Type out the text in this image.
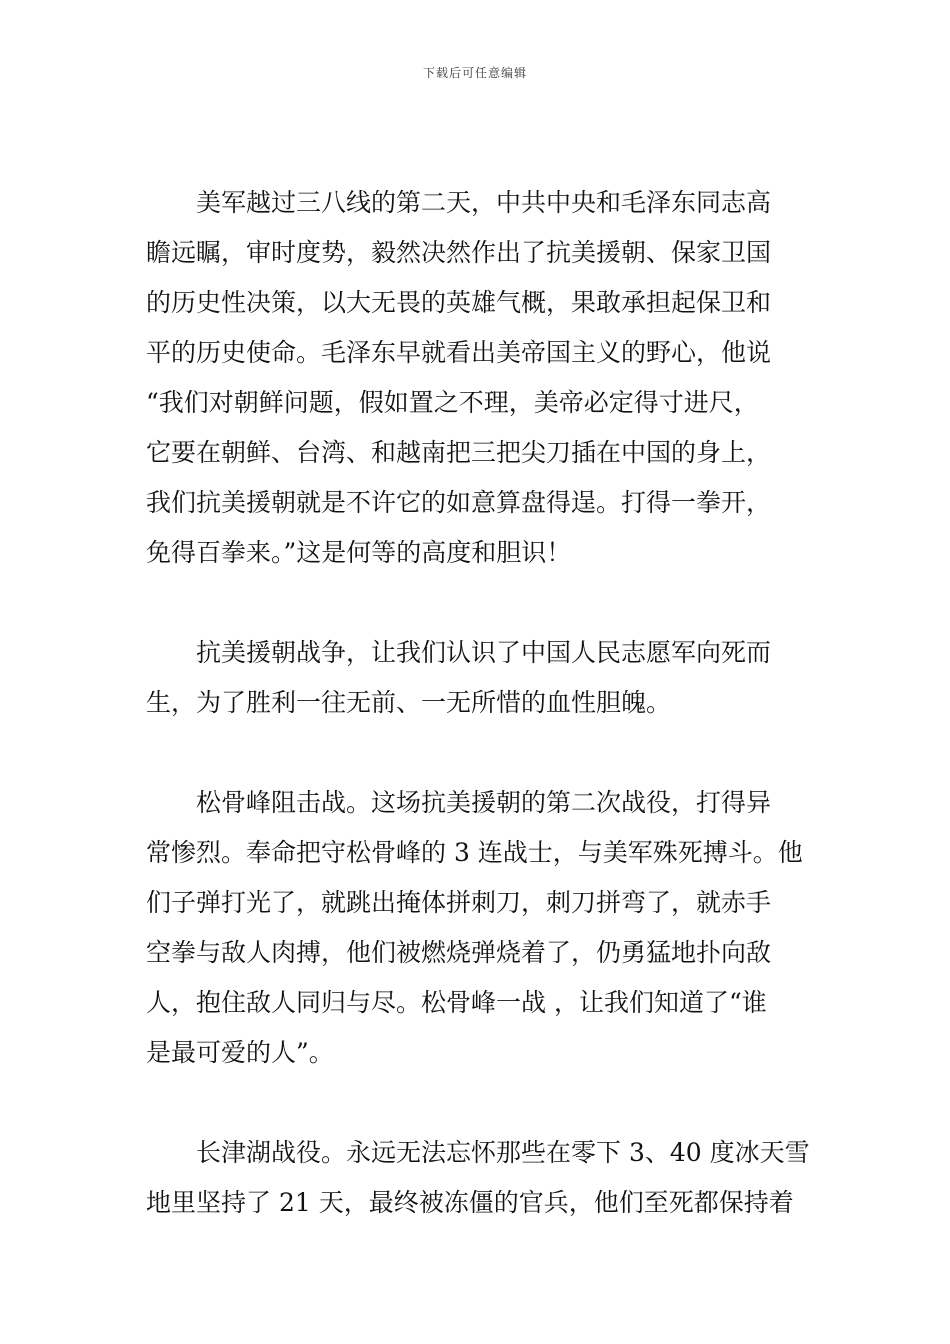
下载后可任意编辑
　　美军越过三八线的第二天，中共中央和毛泽东同志高
瞻远瞩，审时度势，毅然决然作出了抗美援朝、保家卫国
的历史性决策，以大无畏的英雄气概，果敢承担起保卫和
平的历史使命。毛泽东早就看出美帝国主义的野心，他说
“我们对朝鲜问题，假如置之不理，美帝必定得寸进尺，
它要在朝鲜、台湾、和越南把三把尖刀插在中国的身上，
我们抗美援朝就是不许它的如意算盘得逞。打得一拳开，
免得百拳来。”这是何等的高度和胆识！
　　抗美援朝战争，让我们认识了中国人民志愿军向死而
生，为了胜利一往无前、一无所惜的血性胆魄。
　　松骨峰阻击战。这场抗美援朝的第二次战役，打得异
常惨烈。奉命把守松骨峰的 3 连战士，与美军殊死搏斗。他
们子弹打光了，就跳出掩体拼刺刀，刺刀拼弯了，就赤手
空拳与敌人肉搏，他们被燃烧弹烧着了，仍勇猛地扑向敌
人，抱住敌人同归与尽。松骨峰一战 ，让我们知道了“谁
是最可爱的人”。
　　长津湖战役。永远无法忘怀那些在零下 3、40 度冰天雪
地里坚持了 21 天，最终被冻僵的官兵，他们至死都保持着
